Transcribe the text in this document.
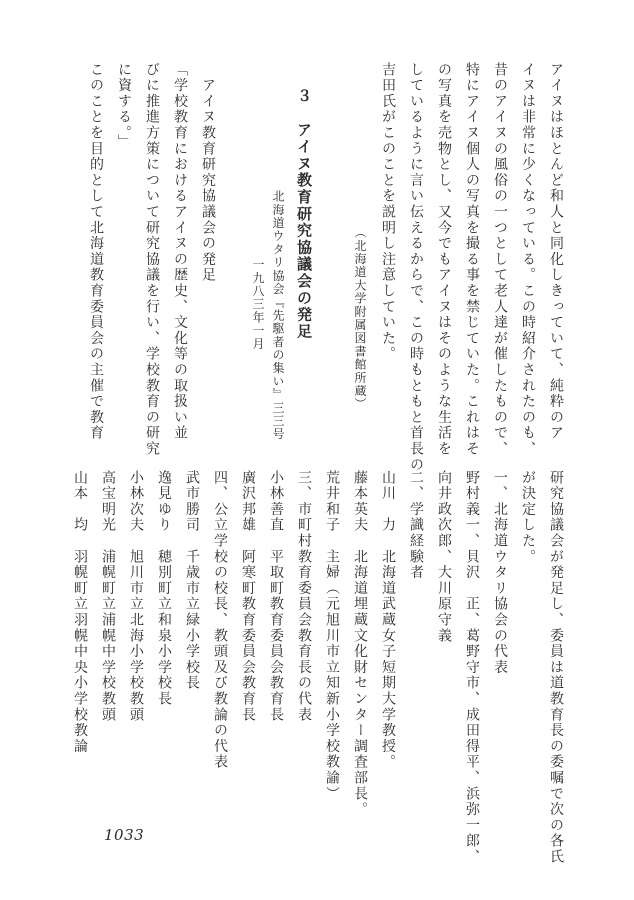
アイヌはほとんど和人と同化しきっていて、純粋のア
イヌは非常に少くなっている。この時紹介されたのも、
昔のアイヌの風俗の一つとして老人達が催したもので、
特にアイヌ個人の写真を撮る事を禁じていた。これはそ
の写真を売物とし、又今でもアイヌはそのような生活を
しているように言い伝えるからで、この時もともと首長の
吉田氏がこのことを説明し注意していた。
（北海道大学附属図書館所蔵）
３　アイヌ教育研究協議会の発足
北海道ウタリ協会『先駆者の集い』三三号
一九八三年一月
　アイヌ教育研究協議会の発足
「学校教育におけるアイヌの歴史、文化等の取扱い並
びに推進方策について研究協議を行い、学校教育の研究
に資する。」
このことを目的として北海道教育委員会の主催で教育
研究協議会が発足し、委員は道教育長の委嘱で次の各氏
が決定した。
一、北海道ウタリ協会の代表
野村義一、貝沢　正、葛野守市、成田得平、浜弥一郎、
向井政次郎、大川原守義
二、学識経験者
山川　力　北海道武蔵女子短期大学教授。
藤本英夫　北海道埋蔵文化財センター調査部長。
荒井和子　主婦（元旭川市立知新小学校教諭）
三、市町村教育委員会教育長の代表
小林善直　平取町教育委員会教育長
廣沢邦雄　阿寒町教育委員会教育長
四、公立学校の校長、教頭及び教論の代表
武市勝司　千歳市立緑小学校長
逸見ゆり　穂別町立和泉小学校長
小林次夫　旭川市立北海小学校教頭
高宝明光　浦幌町立浦幌中学校教頭
山本　均　羽幌町立羽幌中央小学校教論
1033
